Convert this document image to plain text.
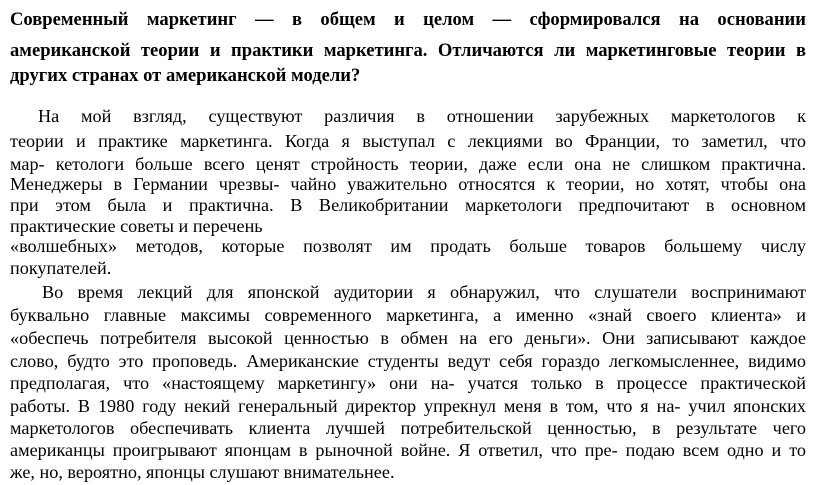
Современный маркетинг — в общем и целом — сформировался на основании
американской теории и практики маркетинга. Отличаются ли маркетинговые теории в
других странах от американской модели?
На мой взгляд, существуют различия в отношении зарубежных маркетологов к
теории и практике маркетинга. Когда я выступал с лекциями во Франции, то заметил, что
мар- кетологи больше всего ценят стройность теории, даже если она не слишком практична.
Менеджеры в Германии чрезвы- чайно уважительно относятся к теории, но хотят, чтобы она
при этом была и практична. В Великобритании маркетологи предпочитают в основном
практические советы и перечень
«волшебных» методов, которые позволят им продать больше товаров большему числу
покупателей.
Во время лекций для японской аудитории я обнаружил, что слушатели воспринимают
буквально главные максимы современного маркетинга, а именно «знай своего клиента» и
«обеспечь потребителя высокой ценностью в обмен на его деньги». Они записывают каждое
слово, будто это проповедь. Американские студенты ведут себя гораздо легкомысленнее, видимо
предполагая, что «настоящему маркетингу» они на- учатся только в процессе практической
работы. В 1980 году некий генеральный директор упрекнул меня в том, что я на- учил японских
маркетологов обеспечивать клиента лучшей потребительской ценностью, в результате чего
американцы проигрывают японцам в рыночной войне. Я ответил, что пре- подаю всем одно и то
же, но, вероятно, японцы слушают внимательнее.
